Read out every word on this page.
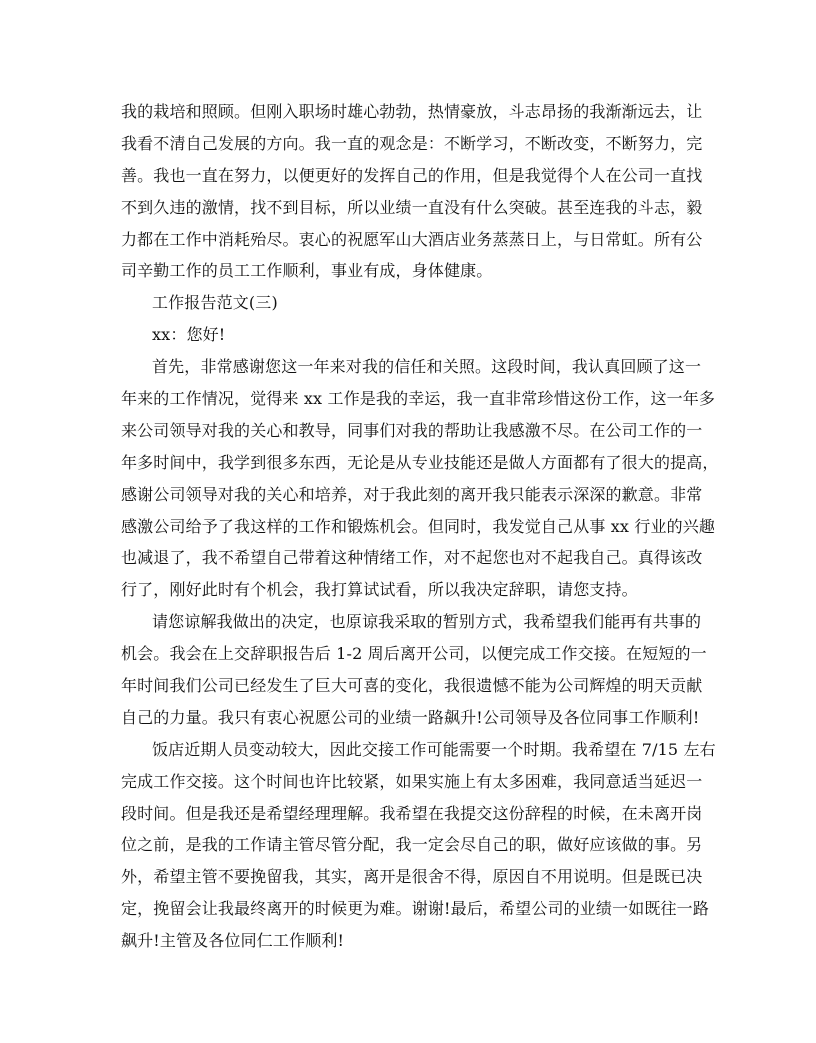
我的栽培和照顾。但刚入职场时雄心勃勃，热情豪放，斗志昂扬的我渐渐远去，让
我看不清自己发展的方向。我一直的观念是：不断学习，不断改变，不断努力，完
善。我也一直在努力，以便更好的发挥自己的作用，但是我觉得个人在公司一直找
不到久违的激情，找不到目标，所以业绩一直没有什么突破。甚至连我的斗志，毅
力都在工作中消耗殆尽。衷心的祝愿军山大酒店业务蒸蒸日上，与日常虹。所有公
司辛勤工作的员工工作顺利，事业有成，身体健康。
工作报告范文(三)
xx：您好!
首先，非常感谢您这一年来对我的信任和关照。这段时间，我认真回顾了这一
年来的工作情况，觉得来 xx 工作是我的幸运，我一直非常珍惜这份工作，这一年多
来公司领导对我的关心和教导，同事们对我的帮助让我感激不尽。在公司工作的一
年多时间中，我学到很多东西，无论是从专业技能还是做人方面都有了很大的提高，
感谢公司领导对我的关心和培养，对于我此刻的离开我只能表示深深的歉意。非常
感激公司给予了我这样的工作和锻炼机会。但同时，我发觉自己从事 xx 行业的兴趣
也减退了，我不希望自己带着这种情绪工作，对不起您也对不起我自己。真得该改
行了，刚好此时有个机会，我打算试试看，所以我决定辞职，请您支持。
请您谅解我做出的决定，也原谅我采取的暂别方式，我希望我们能再有共事的
机会。我会在上交辞职报告后 1-2 周后离开公司，以便完成工作交接。在短短的一
年时间我们公司已经发生了巨大可喜的变化，我很遗憾不能为公司辉煌的明天贡献
自己的力量。我只有衷心祝愿公司的业绩一路飙升!公司领导及各位同事工作顺利!
饭店近期人员变动较大，因此交接工作可能需要一个时期。我希望在 7/15 左右
完成工作交接。这个时间也许比较紧，如果实施上有太多困难，我同意适当延迟一
段时间。但是我还是希望经理理解。我希望在我提交这份辞程的时候，在未离开岗
位之前，是我的工作请主管尽管分配，我一定会尽自己的职，做好应该做的事。另
外，希望主管不要挽留我，其实，离开是很舍不得，原因自不用说明。但是既已决
定，挽留会让我最终离开的时候更为难。谢谢!最后，希望公司的业绩一如既往一路
飙升!主管及各位同仁工作顺利!
